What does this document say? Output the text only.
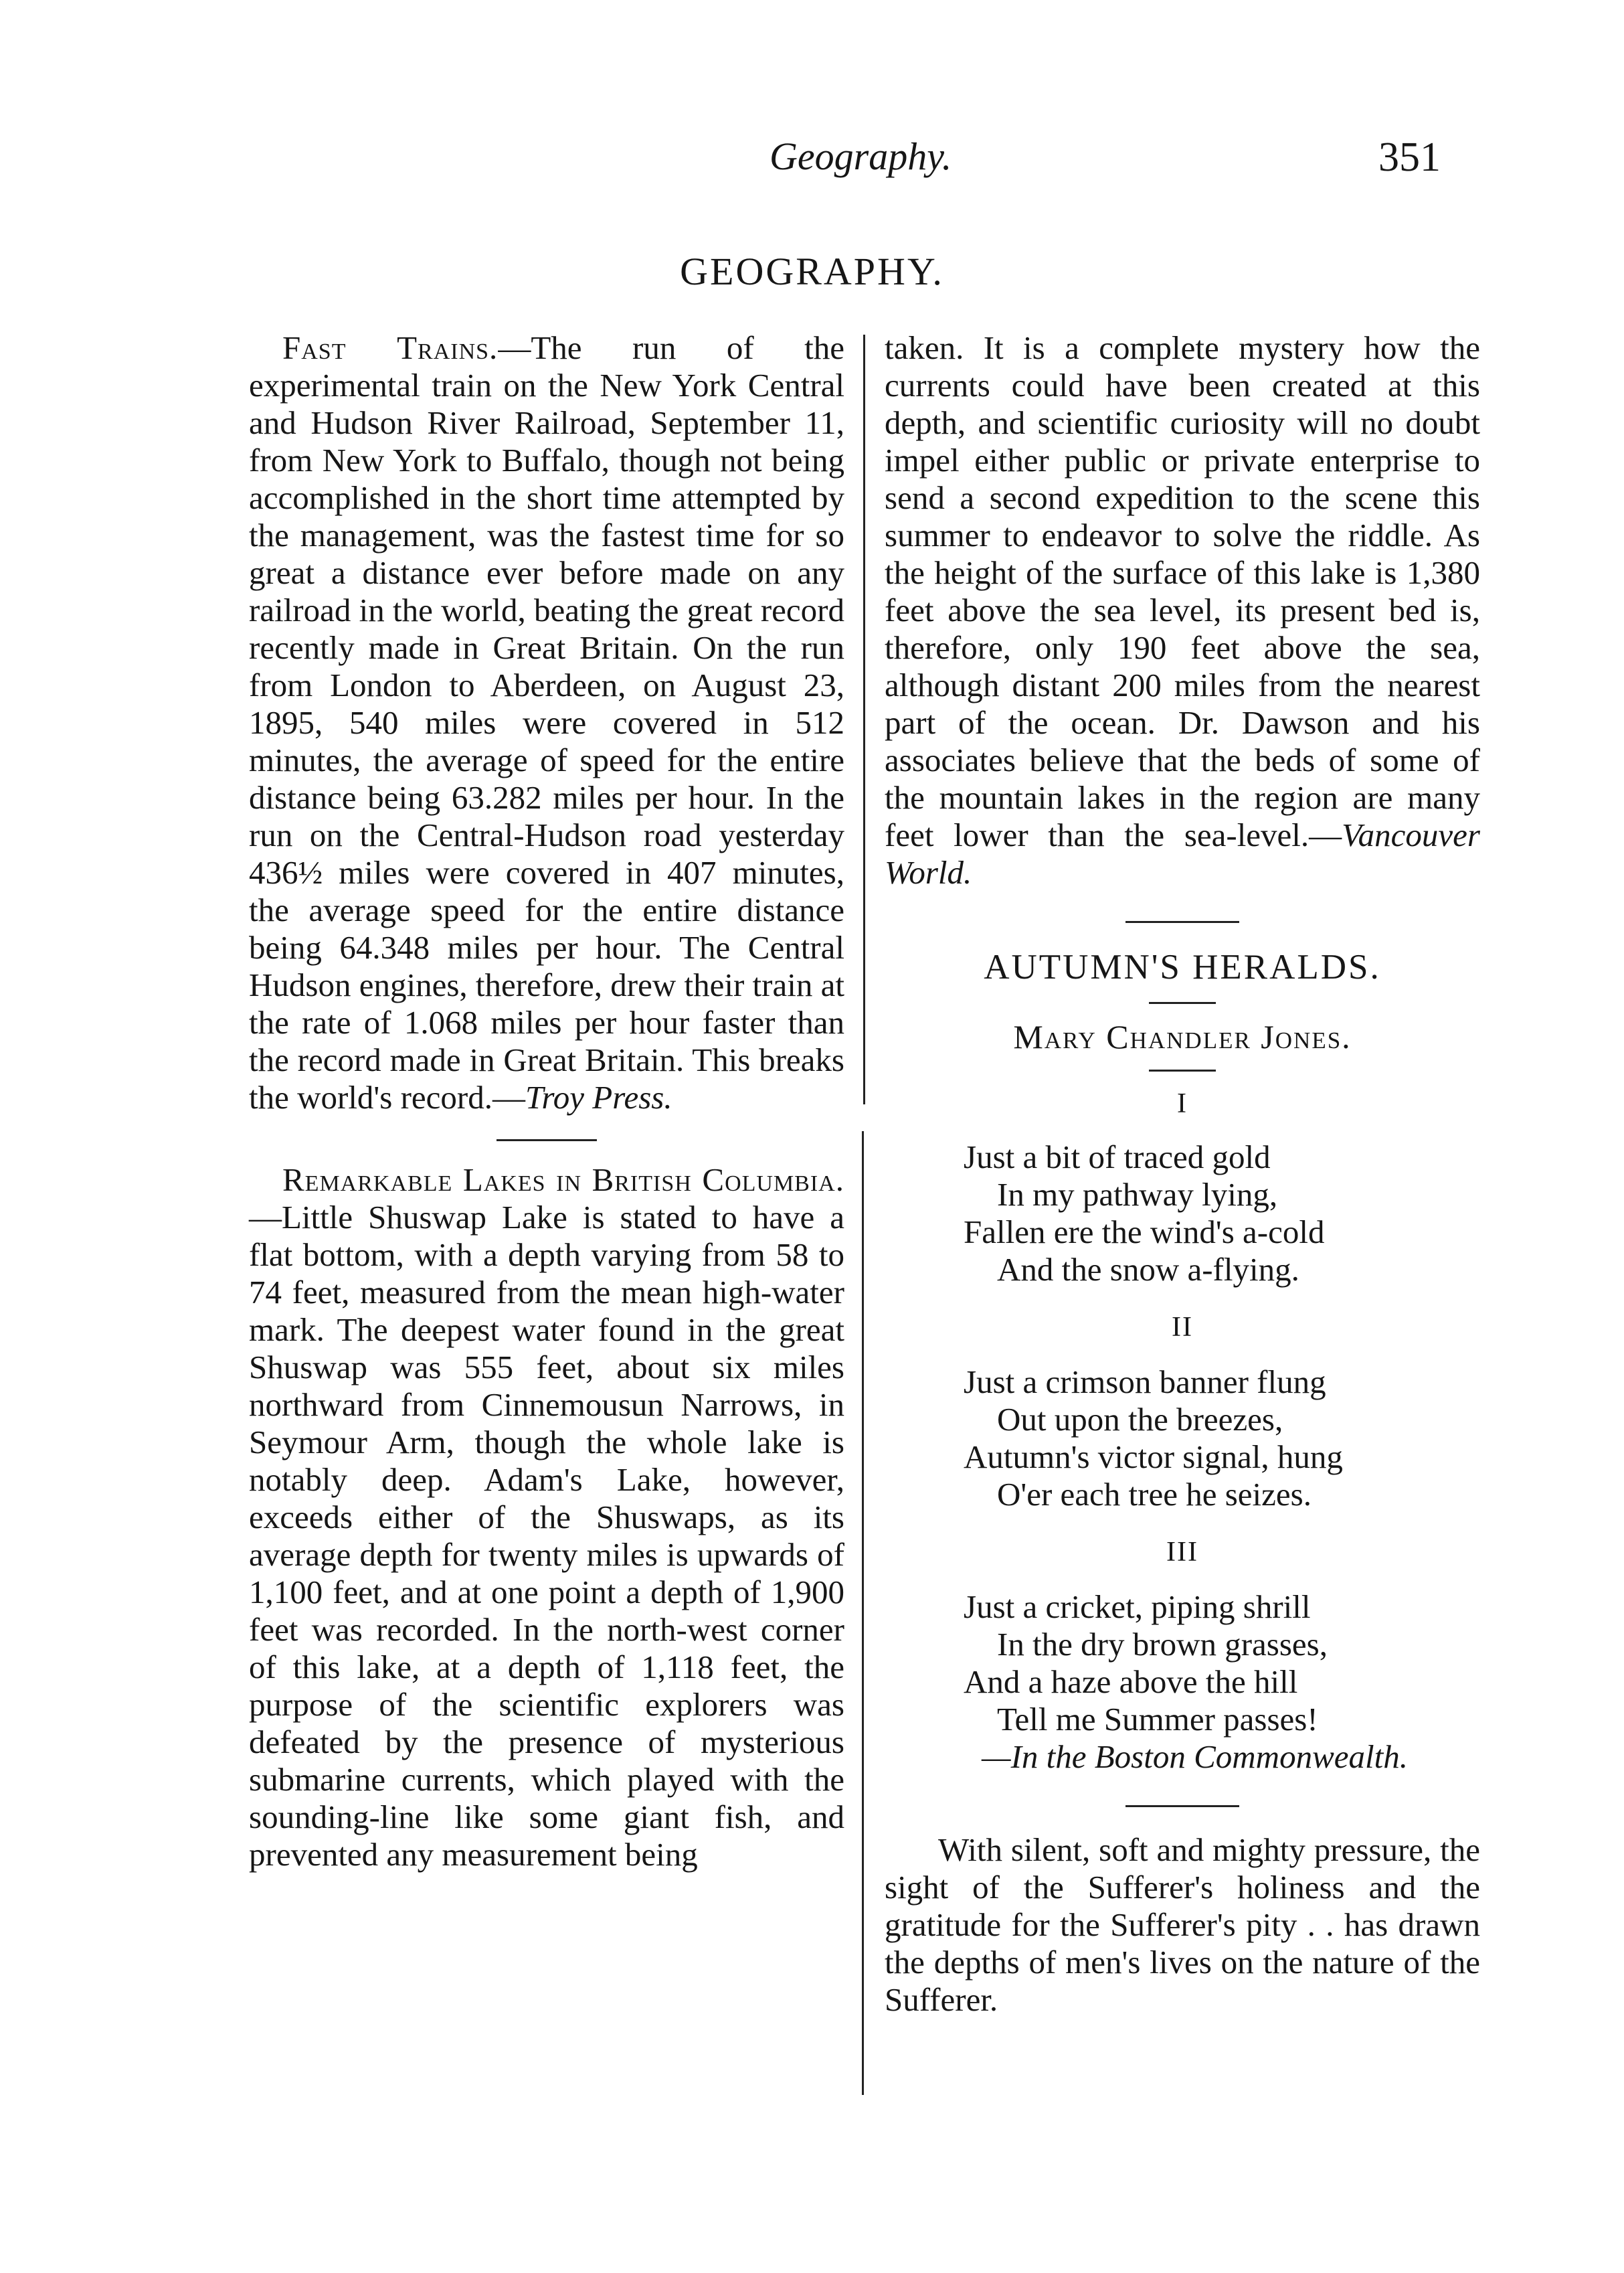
Geography.	351
GEOGRAPHY.

Fast Trains.—The run of the experimental train on the New York Central and Hudson River Railroad, September 11, from New York to Buffalo, though not being accomplished in the short time attempted by the management, was the fastest time for so great a distance ever before made on any railroad in the world, beating the great record recently made in Great Britain. On the run from London to Aberdeen, on August 23, 1895, 540 miles were covered in 512 minutes, the average of speed for the entire distance being 63.282 miles per hour. In the run on the Central-Hudson road yesterday 436½ miles were covered in 407 minutes, the average speed for the entire distance being 64.348 miles per hour. The Central Hudson engines, therefore, drew their train at the rate of 1.068 miles per hour faster than the record made in Great Britain. This breaks the world's record.—Troy Press.

Remarkable Lakes in British Columbia.—Little Shuswap Lake is stated to have a flat bottom, with a depth varying from 58 to 74 feet, measured from the mean high-water mark. The deepest water found in the great Shuswap was 555 feet, about six miles northward from Cinnemousun Narrows, in Seymour Arm, though the whole lake is notably deep. Adam's Lake, however, exceeds either of the Shuswaps, as its average depth for twenty miles is upwards of 1,100 feet, and at one point a depth of 1,900 feet was recorded. In the north-west corner of this lake, at a depth of 1,118 feet, the purpose of the scientific explorers was defeated by the presence of mysterious submarine currents, which played with the sounding-line like some giant fish, and prevented any measurement being

taken. It is a complete mystery how the currents could have been created at this depth, and scientific curiosity will no doubt impel either public or private enterprise to send a second expedition to the scene this summer to endeavor to solve the riddle. As the height of the surface of this lake is 1,380 feet above the sea level, its present bed is, therefore, only 190 feet above the sea, although distant 200 miles from the nearest part of the ocean. Dr. Dawson and his associates believe that the beds of some of the mountain lakes in the region are many feet lower than the sea-level.—Vancouver World.

AUTUMN'S HERALDS.
Mary Chandler Jones.
I
Just a bit of traced gold
In my pathway lying,
Fallen ere the wind's a-cold
And the snow a-flying.
II
Just a crimson banner flung
Out upon the breezes,
Autumn's victor signal, hung
O'er each tree he seizes.
III
Just a cricket, piping shrill
In the dry brown grasses,
And a haze above the hill
Tell me Summer passes!
—In the Boston Commonwealth.

With silent, soft and mighty pressure, the sight of the Sufferer's holiness and the gratitude for the Sufferer's pity . . has drawn the depths of men's lives on the nature of the Sufferer.
